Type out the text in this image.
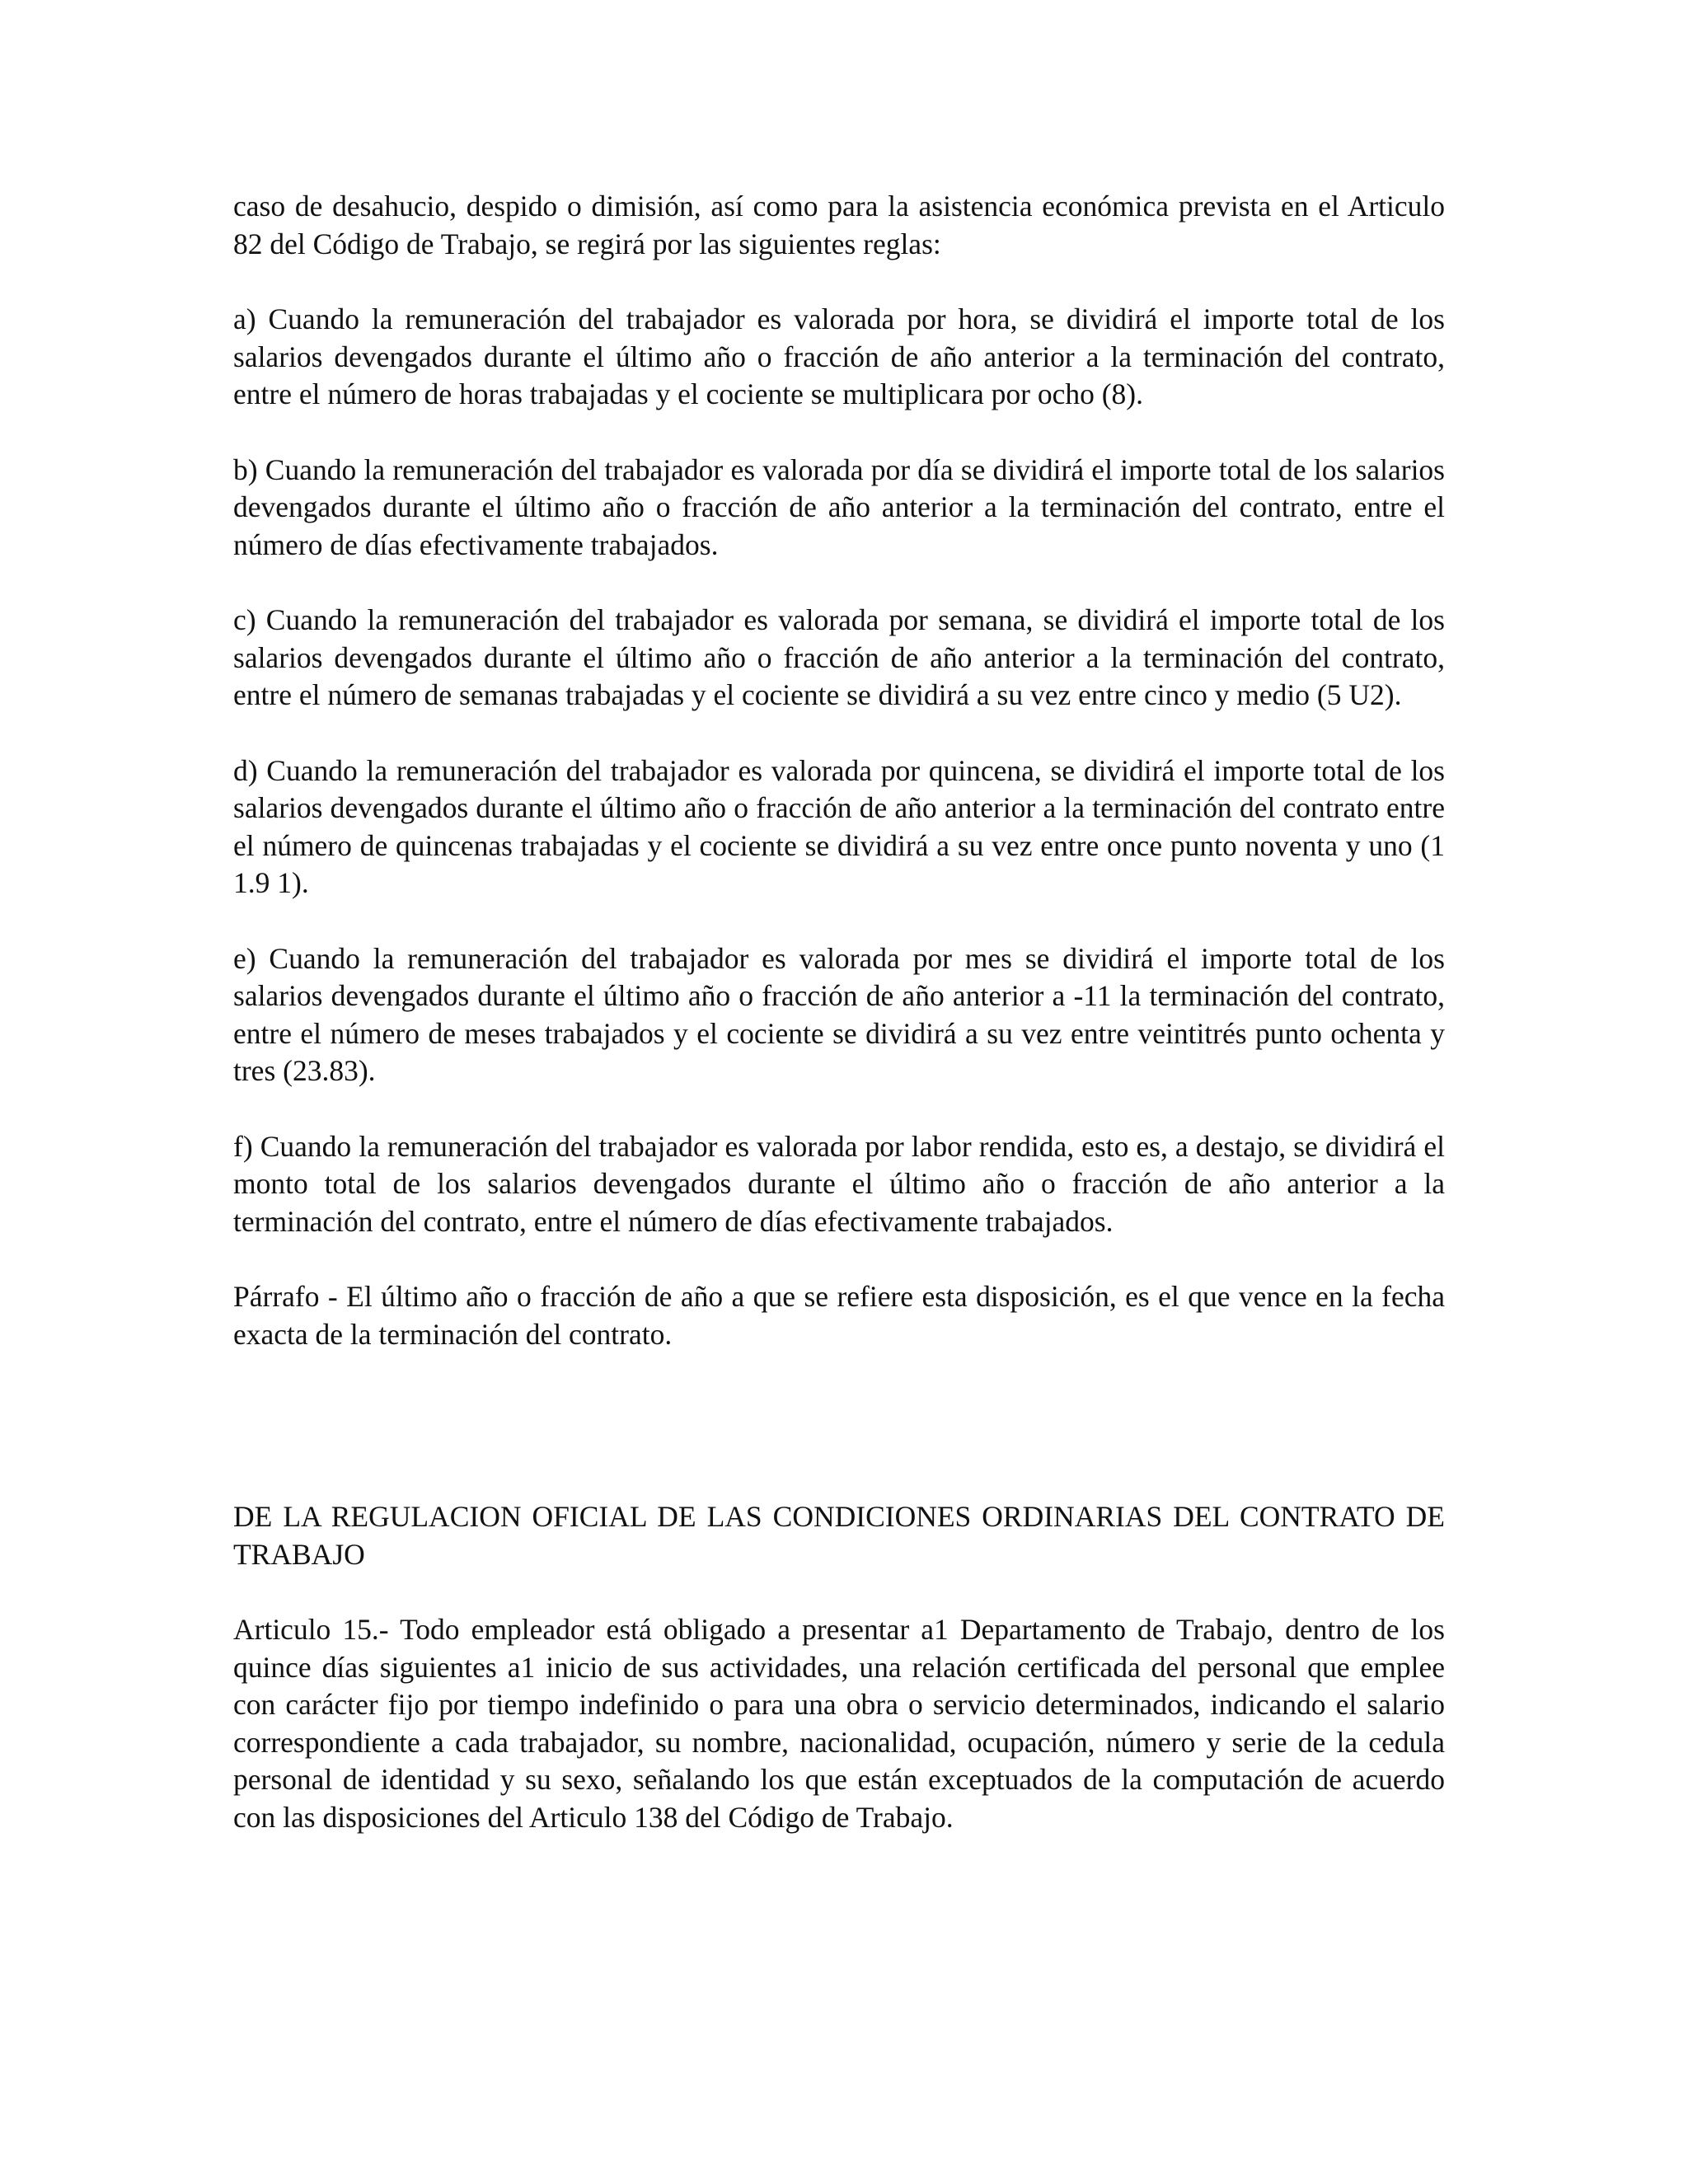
caso de desahucio, despido o dimisión, así como para la asistencia económica prevista en el Articulo 82 del Código de Trabajo, se regirá por las siguientes reglas:

a) Cuando la remuneración del trabajador es valorada por hora, se dividirá el importe total de los salarios devengados durante el último año o fracción de año anterior a la terminación del contrato, entre el número de horas trabajadas y el cociente se multiplicara por ocho (8).

b) Cuando la remuneración del trabajador es valorada por día se dividirá el importe total de los salarios devengados durante el último año o fracción de año anterior a la terminación del contrato, entre el número de días efectivamente trabajados.

c) Cuando la remuneración del trabajador es valorada por semana, se dividirá el importe total de los salarios devengados durante el último año o fracción de año anterior a la terminación del contrato, entre el número de semanas trabajadas y el cociente se dividirá a su vez entre cinco y medio (5 U2).

d) Cuando la remuneración del trabajador es valorada por quincena, se dividirá el importe total de los salarios devengados durante el último año o fracción de año anterior a la terminación del contrato entre el número de quincenas trabajadas y el cociente se dividirá a su vez entre once punto noventa y uno (1 1.9 1).

e) Cuando la remuneración del trabajador es valorada por mes se dividirá el importe total de los salarios devengados durante el último año o fracción de año anterior a -11 la terminación del contrato, entre el número de meses trabajados y el cociente se dividirá a su vez entre veintitrés punto ochenta y tres (23.83).

f) Cuando la remuneración del trabajador es valorada por labor rendida, esto es, a destajo, se dividirá el monto total de los salarios devengados durante el último año o fracción de año anterior a la terminación del contrato, entre el número de días efectivamente trabajados.

Párrafo - El último año o fracción de año a que se refiere esta disposición, es el que vence en la fecha exacta de la terminación del contrato.

DE LA REGULACION OFICIAL DE LAS CONDICIONES ORDINARIAS DEL CONTRATO DE TRABAJO

Articulo 15.- Todo empleador está obligado a presentar a1 Departamento de Trabajo, dentro de los quince días siguientes a1 inicio de sus actividades, una relación certificada del personal que emplee con carácter fijo por tiempo indefinido o para una obra o servicio determinados, indicando el salario correspondiente a cada trabajador, su nombre, nacionalidad, ocupación, número y serie de la cedula personal de identidad y su sexo, señalando los que están exceptuados de la computación de acuerdo con las disposiciones del Articulo 138 del Código de Trabajo.
